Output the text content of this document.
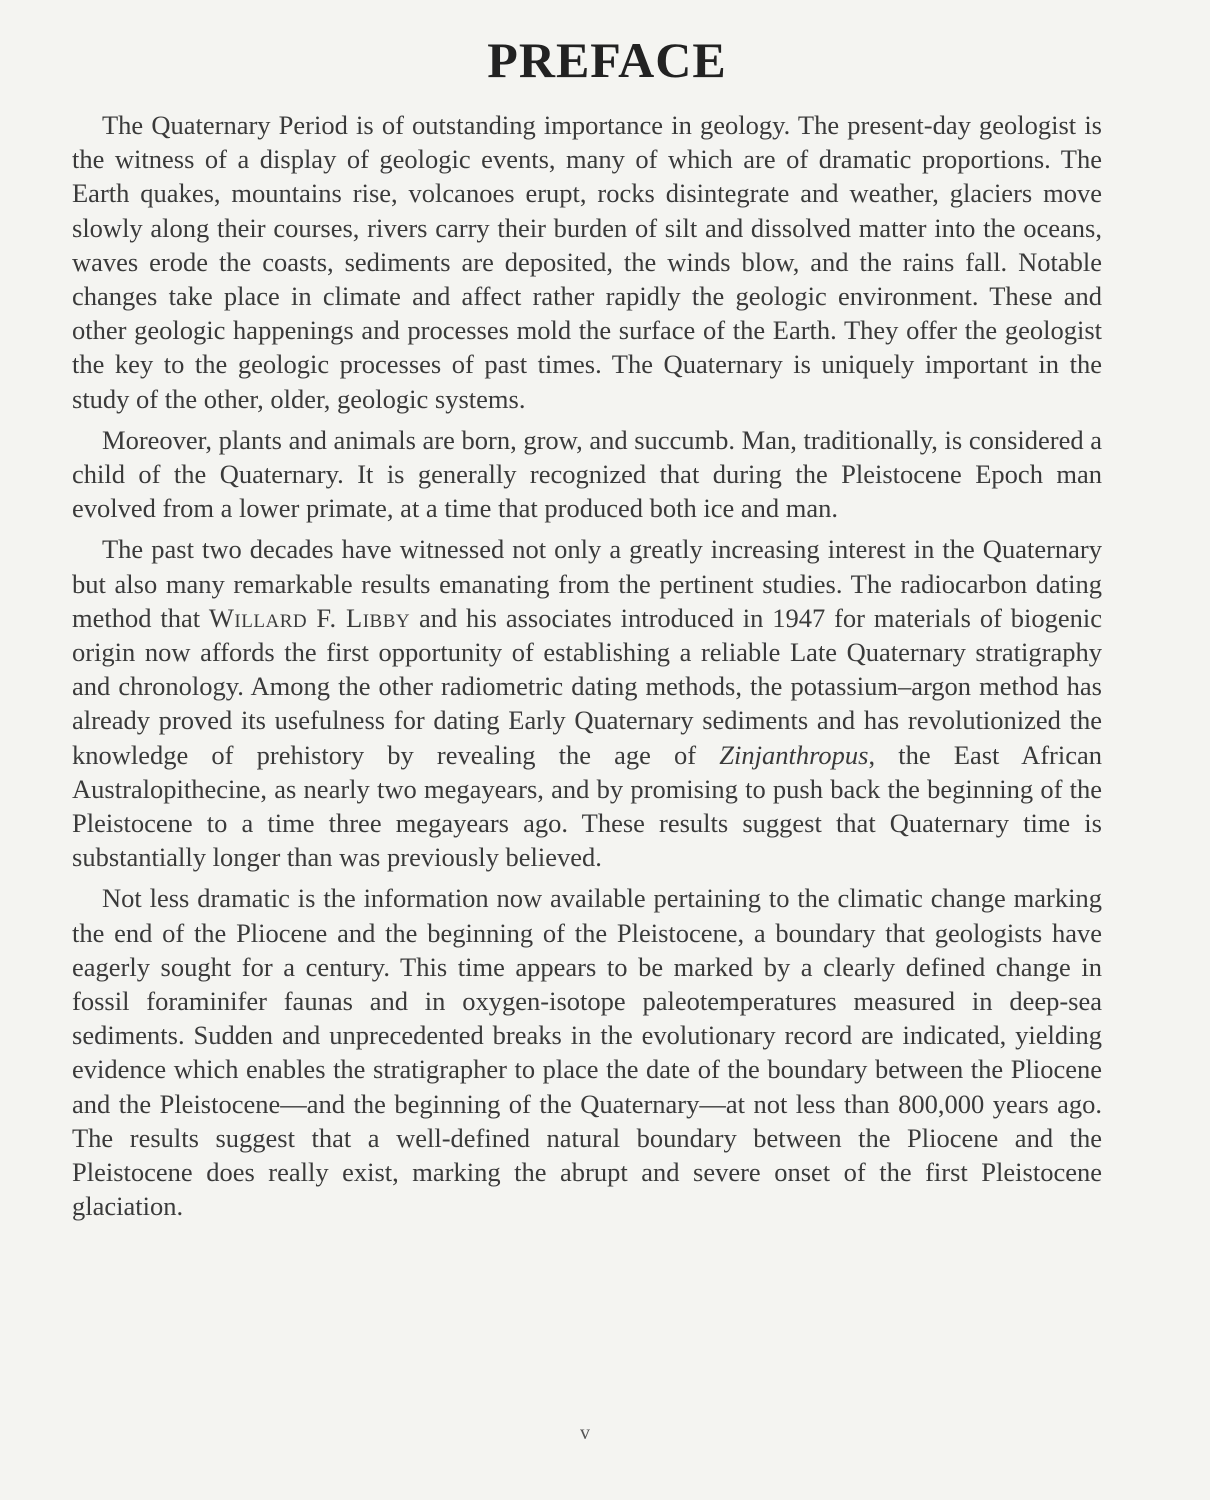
PREFACE

The Quaternary Period is of outstanding importance in geology. The present-day geologist is the witness of a display of geologic events, many of which are of dramatic proportions. The Earth quakes, mountains rise, volcanoes erupt, rocks disintegrate and weather, glaciers move slowly along their courses, rivers carry their burden of silt and dissolved matter into the oceans, waves erode the coasts, sediments are deposited, the winds blow, and the rains fall. Notable changes take place in climate and affect rather rapidly the geologic environment. These and other geologic happenings and processes mold the surface of the Earth. They offer the geologist the key to the geologic processes of past times. The Quaternary is uniquely important in the study of the other, older, geologic systems.

Moreover, plants and animals are born, grow, and succumb. Man, traditionally, is considered a child of the Quaternary. It is generally recognized that during the Pleistocene Epoch man evolved from a lower primate, at a time that produced both ice and man.

The past two decades have witnessed not only a greatly increasing interest in the Quaternary but also many remarkable results emanating from the pertinent studies. The radiocarbon dating method that Willard F. Libby and his associates introduced in 1947 for materials of biogenic origin now affords the first opportunity of establishing a reliable Late Quaternary stratigraphy and chronology. Among the other radiometric dating methods, the potassium–argon method has already proved its usefulness for dating Early Quaternary sediments and has revolutionized the knowledge of prehistory by revealing the age of Zinjanthropus, the East African Australopithecine, as nearly two megayears, and by promising to push back the beginning of the Pleistocene to a time three megayears ago. These results suggest that Quaternary time is substantially longer than was previously believed.

Not less dramatic is the information now available pertaining to the climatic change marking the end of the Pliocene and the beginning of the Pleistocene, a boundary that geologists have eagerly sought for a century. This time appears to be marked by a clearly defined change in fossil foraminifer faunas and in oxygen-isotope paleotemperatures measured in deep-sea sediments. Sudden and unprecedented breaks in the evolutionary record are indicated, yielding evidence which enables the stratigrapher to place the date of the boundary between the Pliocene and the Pleistocene—and the beginning of the Quaternary—at not less than 800,000 years ago. The results suggest that a well-defined natural boundary between the Pliocene and the Pleistocene does really exist, marking the abrupt and severe onset of the first Pleistocene glaciation.

v
